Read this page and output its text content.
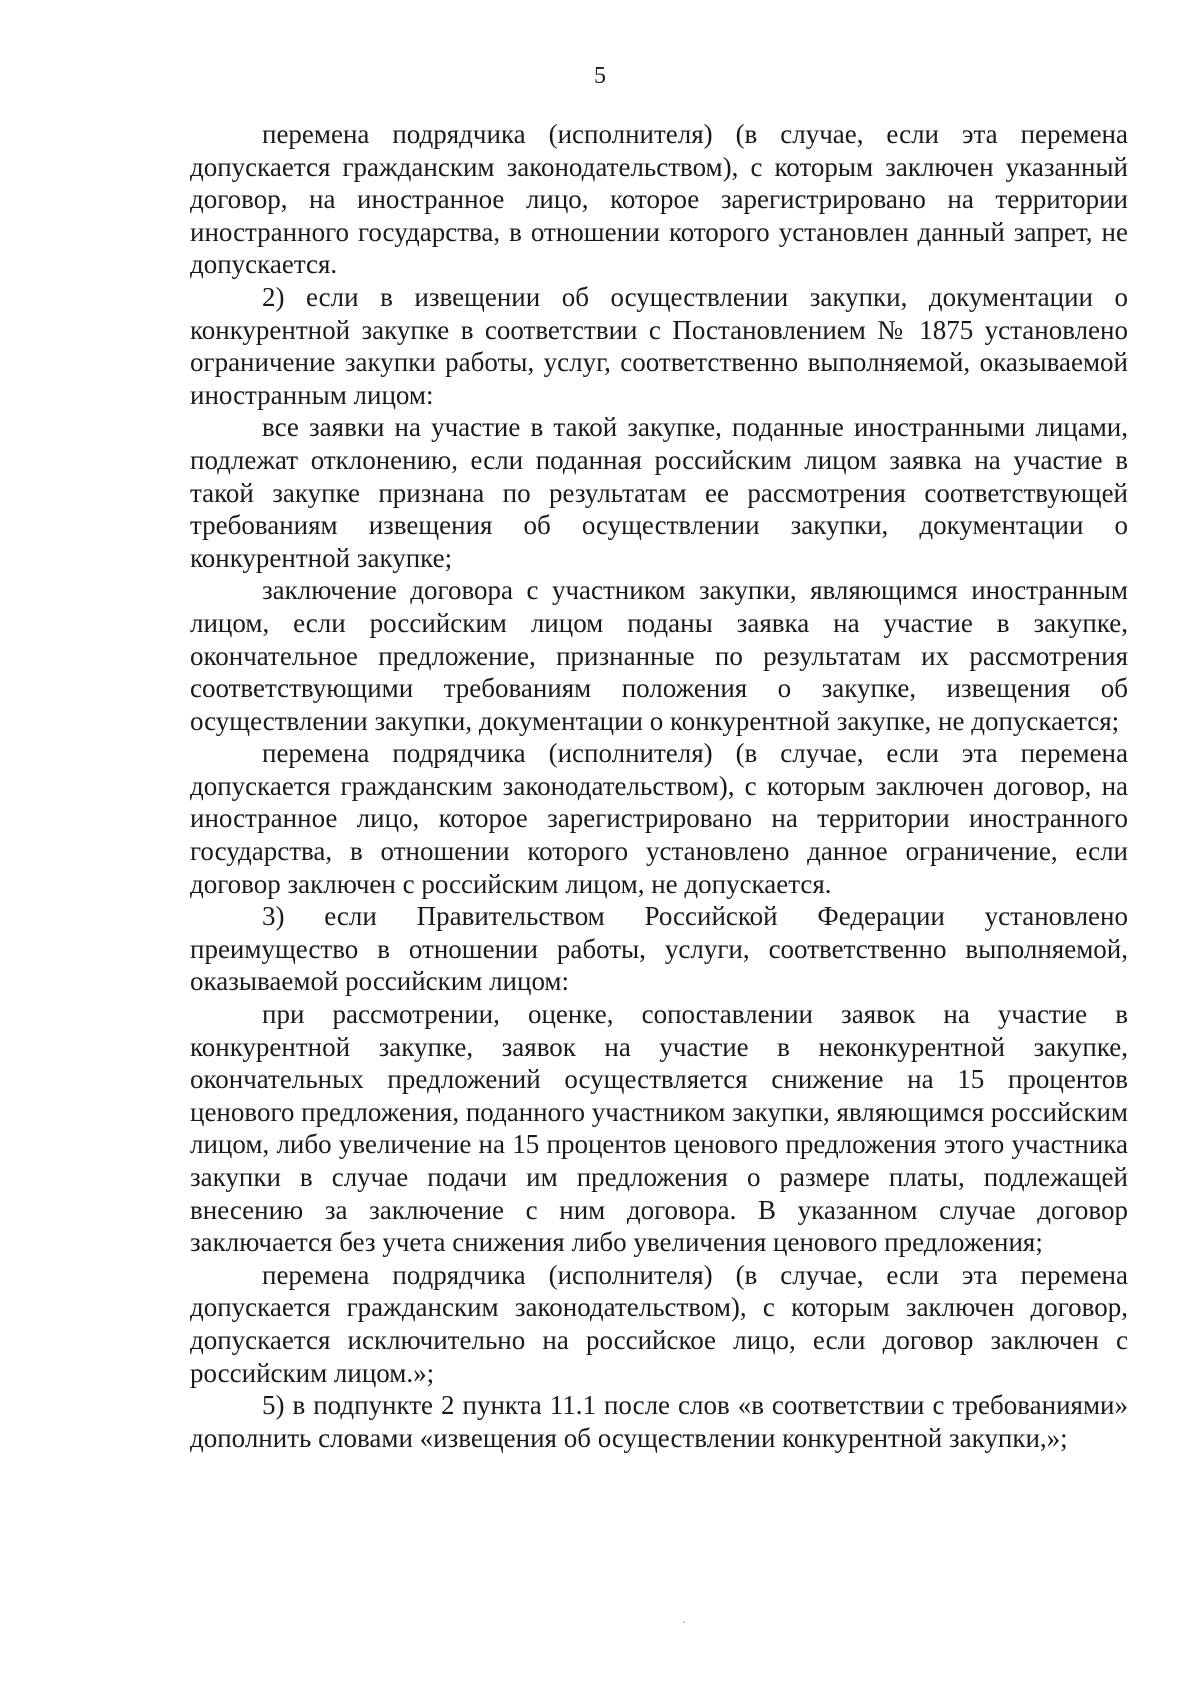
5

перемена подрядчика (исполнителя) (в случае, если эта перемена допускается гражданским законодательством), с которым заключен указанный договор, на иностранное лицо, которое зарегистрировано на территории иностранного государства, в отношении которого установлен данный запрет, не допускается.

2) если в извещении об осуществлении закупки, документации о конкурентной закупке в соответствии с Постановлением № 1875 установлено ограничение закупки работы, услуг, соответственно выполняемой, оказываемой иностранным лицом:

все заявки на участие в такой закупке, поданные иностранными лицами, подлежат отклонению, если поданная российским лицом заявка на участие в такой закупке признана по результатам ее рассмотрения соответствующей требованиям извещения об осуществлении закупки, документации о конкурентной закупке;

заключение договора с участником закупки, являющимся иностранным лицом, если российским лицом поданы заявка на участие в закупке, окончательное предложение, признанные по результатам их рассмотрения соответствующими требованиям положения о закупке, извещения об осуществлении закупки, документации о конкурентной закупке, не допускается;

перемена подрядчика (исполнителя) (в случае, если эта перемена допускается гражданским законодательством), с которым заключен договор, на иностранное лицо, которое зарегистрировано на территории иностранного государства, в отношении которого установлено данное ограничение, если договор заключен с российским лицом, не допускается.

3) если Правительством Российской Федерации установлено преимущество в отношении работы, услуги, соответственно выполняемой, оказываемой российским лицом:

при рассмотрении, оценке, сопоставлении заявок на участие в конкурентной закупке, заявок на участие в неконкурентной закупке, окончательных предложений осуществляется снижение на 15 процентов ценового предложения, поданного участником закупки, являющимся российским лицом, либо увеличение на 15 процентов ценового предложения этого участника закупки в случае подачи им предложения о размере платы, подлежащей внесению за заключение с ним договора. В указанном случае договор заключается без учета снижения либо увеличения ценового предложения;

перемена подрядчика (исполнителя) (в случае, если эта перемена допускается гражданским законодательством), с которым заключен договор, допускается исключительно на российское лицо, если договор заключен с российским лицом.»;

5) в подпункте 2 пункта 11.1 после слов «в соответствии с требованиями» дополнить словами «извещения об осуществлении конкурентной закупки,»;
